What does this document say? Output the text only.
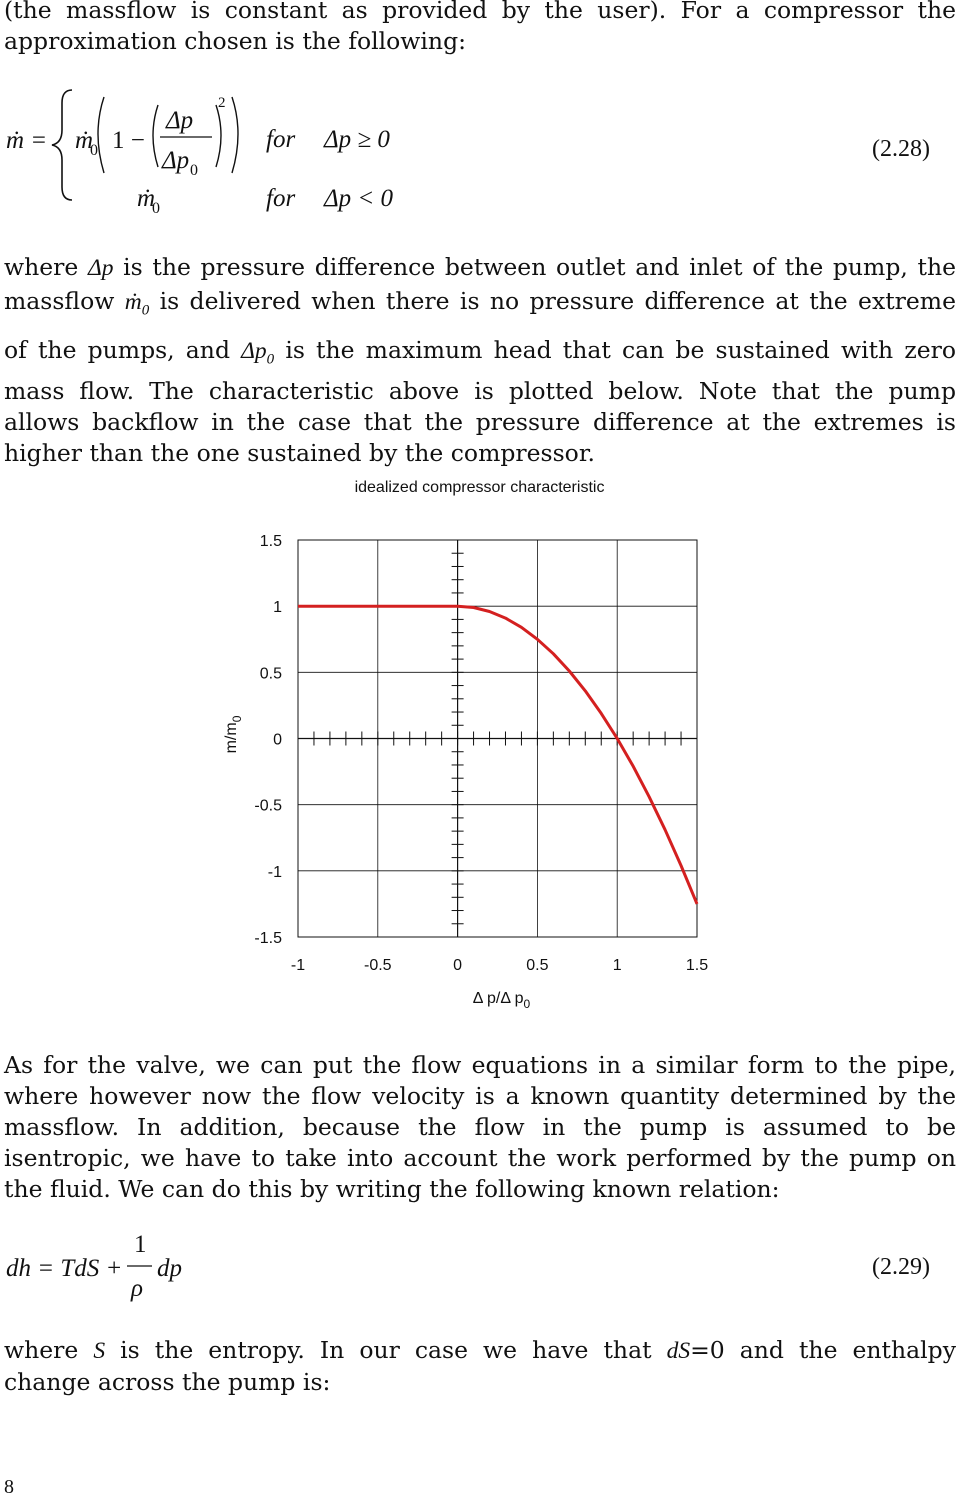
(the massflow is constant as provided by the user). For a compressor the
approximation chosen is the following:
ṁ = ṁ
0 1 −
Δp
Δp 0
2
for Δp ≥ 0
ṁ
0	for Δp < 0
(2.28)
where Δp is the pressure difference between outlet and inlet of the pump, the
massflow ṁ$_0$ is delivered when there is no pressure difference at the extreme
of the pumps, and $\Delta p_0$ is the maximum head that can be sustained with zero
mass flow. The characteristic above is plotted below. Note that the pump
allows backflow in the case that the pressure difference at the extremes is
higher than the one sustained by the compressor.
1.5
1
0.5
0
-0.5
-1
-1.5
-1	-0.5	0	0.5	1	1.5
idealized compressor characteristic
Δ p/Δ $p_0$
$m/m_0$
As for the valve, we can put the flow equations in a similar form to the pipe,
where however now the flow velocity is a known quantity determined by the
massflow. In addition, because the flow in the pump is assumed to be
isentropic, we have to take into account the work performed by the pump on
the fluid. We can do this by writing the following known relation:
dh = TdS +
1
ρ
dp	(2.29)
where S is the entropy. In our case we have that dS=0 and the enthalpy
change across the pump is:
8
